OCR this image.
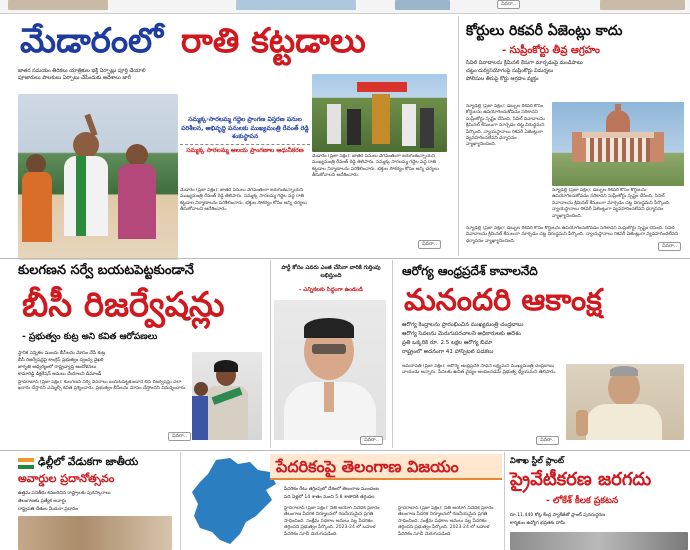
వివరా..
మేడారంలో రాతి కట్టడాలు
జాతర సమయం తీరికలు యాత్రికుల భక్తి ఏర్పాట్లు పూర్తి చేయాలి
పూజారులు పాలకులు ఏర్పాటు చేసేందుకు ఆదేశాలు జారీ
సమ్మక్క-సారలమ్మ గద్దెల ప్రాంగణ విస్తరణ పనుల పరిశీలన, అభివృద్ధి పనులకు ముఖ్యమంత్రి రేవంత్ రెడ్డి శంకుస్థాపన
సమ్మక్క సారలమ్మ ఆలయ ప్రాంగణాల ఆధునీకరణ
మేడారం (ప్రజా పక్షం): జాతర పనులు వేగవంతంగా జరుగుతున్నాయని ముఖ్యమంత్రి రేవంత్ రెడ్డి తెలిపారు. సమ్మక్క సారలమ్మ గద్దెల వద్ద రాతి కట్టడాల నిర్మాణాలను పరిశీలించారు. భక్తుల సౌకర్యం కోసం అన్ని చర్యలు తీసుకోవాలని ఆదేశించారు.
మేడారం (ప్రజా పక్షం): జాతర పనులు వేగవంతంగా జరుగుతున్నాయని ముఖ్యమంత్రి రేవంత్ రెడ్డి తెలిపారు. సమ్మక్క సారలమ్మ గద్దెల వద్ద రాతి కట్టడాల నిర్మాణాలను పరిశీలించారు. భక్తుల సౌకర్యం కోసం అన్ని చర్యలు తీసుకోవాలని ఆదేశించారు.
వివరా..
కోర్టులు రికవరీ ఏజెంట్లు కాదు
- సుప్రీంకోర్టు తీవ్ర ఆగ్రహం
సివిల్ వివాదాలను క్రిమినల్ కేసుగా మార్చడంపై మండిపాటు
చట్టం దుర్వినియోగంపై సుప్రీంకోర్టు విమర్శలు
పోలీసుల తీరుపై కోర్టు ఆగ్రహం వ్యక్తం
న్యూఢిల్లీ (ప్రజా పక్షం): డబ్బుల రికవరీ కోసం కోర్టులను ఉపయోగించుకోవడం సరికాదని సుప్రీంకోర్టు స్పష్టం చేసింది. సివిల్ వివాదాలను క్రిమినల్ కేసులుగా మార్చడం చట్ట విరుద్ధమని పేర్కొంది. న్యాయస్థానాలు రికవరీ ఏజెంట్లుగా వ్యవహరించలేవని ధర్మాసనం వ్యాఖ్యానించింది.
న్యూఢిల్లీ (ప్రజా పక్షం): డబ్బుల రికవరీ కోసం కోర్టులను ఉపయోగించుకోవడం సరికాదని సుప్రీంకోర్టు స్పష్టం చేసింది. సివిల్ వివాదాలను క్రిమినల్ కేసులుగా మార్చడం చట్ట విరుద్ధమని పేర్కొంది. న్యాయస్థానాలు రికవరీ ఏజెంట్లుగా వ్యవహరించలేవని ధర్మాసనం వ్యాఖ్యానించింది.
న్యూఢిల్లీ (ప్రజా పక్షం): డబ్బుల రికవరీ కోసం కోర్టులను ఉపయోగించుకోవడం సరికాదని సుప్రీంకోర్టు స్పష్టం చేసింది. సివిల్ వివాదాలను క్రిమినల్ కేసులుగా మార్చడం చట్ట విరుద్ధమని పేర్కొంది. న్యాయస్థానాలు రికవరీ ఏజెంట్లుగా వ్యవహరించలేవని ధర్మాసనం వ్యాఖ్యానించింది.
వివరా..
కులగణన సర్వే బయటపెట్టకుండానే
బీసీ రిజర్వేషన్లు
- ప్రభుత్వం కుట్ర అని కవిత ఆరోపణలు
స్థానిక ఎన్నికల ముందు బీసీలను మోసం చేసే కుట్ర
బీసీ రిజర్వేషన్లపై కాంగ్రెస్ ప్రభుత్వం ద్వంద్వ వైఖరి
జాగృతి ఆధ్వర్యంలో రాష్ట్రవ్యాప్త ఆందోళనలు
కామారెడ్డి డిక్లరేషన్ అమలు చేయాలని డిమాండ్
హైదరాబాద్ (ప్రజా పక్షం): కులగణన సర్వే వివరాలు బయటపెట్టకుండానే బీసీ రిజర్వేషన్లు ఎలా ఖరారు చేస్తారని ఎమ్మెల్సీ కవిత ప్రశ్నించారు. ప్రభుత్వం బీసీలను మోసం చేస్తోందని విమర్శించారు.
వివరా..
పార్టీ కోసం ఎవరు ఎంత చేసినా వారికి గుర్తింపు లభిస్తుంది
- ఎన్నికలకు సిద్ధంగా ఉండండి
వివరా..
ఆరోగ్య ఆంధ్రప్రదేశ్ కావాలనేది
మనందరి ఆకాంక్ష
ఆరోగ్య కేంద్రాలను ప్రారంభించిన ముఖ్యమంత్రి చంద్రబాబు
ఆరోగ్య సేవలను మెరుగుపరచాలని అధికారులకు ఆదేశం
ప్రతి ఒక్కరికీ రూ. 2.5 లక్షల ఆరోగ్య బీమా
రాష్ట్రంలో అదనంగా 41 హాస్పిటల్ పడకలు
అమరావతి (ప్రజా పక్షం): ఆరోగ్య ఆంధ్రప్రదేశ్ సాధనే లక్ష్యమని ముఖ్యమంత్రి చంద్రబాబు నాయుడు అన్నారు. పేదలకు ఉచిత వైద్యం అందించడమే ప్రభుత్వ ధ్యేయమని తెలిపారు.
వివరా..
ఢిల్లీలో వేడుకగా జాతీయ
అవార్డుల ప్రదానోత్సవం
ఉత్తమ పనితీరు కనబరిచిన రాష్ట్రాలకు పురస్కారాలు
తెలంగాణకు ప్రత్యేక అవార్డు
రాష్ట్రపతి చేతుల మీదుగా ప్రదానం
పేదరికంపై తెలంగాణ విజయం
పేదరికం రేటు తగ్గింపులో దేశంలో తెలంగాణ ముందంజ
పది ఏళ్లలో 14 శాతం నుంచి 5.8 శాతానికి తగ్గుదల
హైదరాబాద్ (ప్రజా పక్షం): నీతి ఆయోగ్ నివేదిక ప్రకారం తెలంగాణ పేదరిక నిర్మూలనలో గణనీయమైన ప్రగతి సాధించింది. సంక్షేమ పథకాల అమలు వల్ల పేదరికం తగ్గిందని ప్రభుత్వం పేర్కొంది. 2023-24 లో బహుళ పేదరికం సూచీ మెరుగుపడింది.
హైదరాబాద్ (ప్రజా పక్షం): నీతి ఆయోగ్ నివేదిక ప్రకారం తెలంగాణ పేదరిక నిర్మూలనలో గణనీయమైన ప్రగతి సాధించింది. సంక్షేమ పథకాల అమలు వల్ల పేదరికం తగ్గిందని ప్రభుత్వం పేర్కొంది. 2023-24 లో బహుళ పేదరికం సూచీ మెరుగుపడింది.
విశాఖ స్టీల్ ప్లాంట్
ప్రైవేటీకరణ జరగదు
- లోకేశ్ కీలక ప్రకటన
రూ.11,440 కోట్ల కేంద్ర ప్యాకేజీతో ప్లాంట్ పునరుద్ధరణ
కార్మికుల ఉద్యోగ భద్రతకు హామీ
